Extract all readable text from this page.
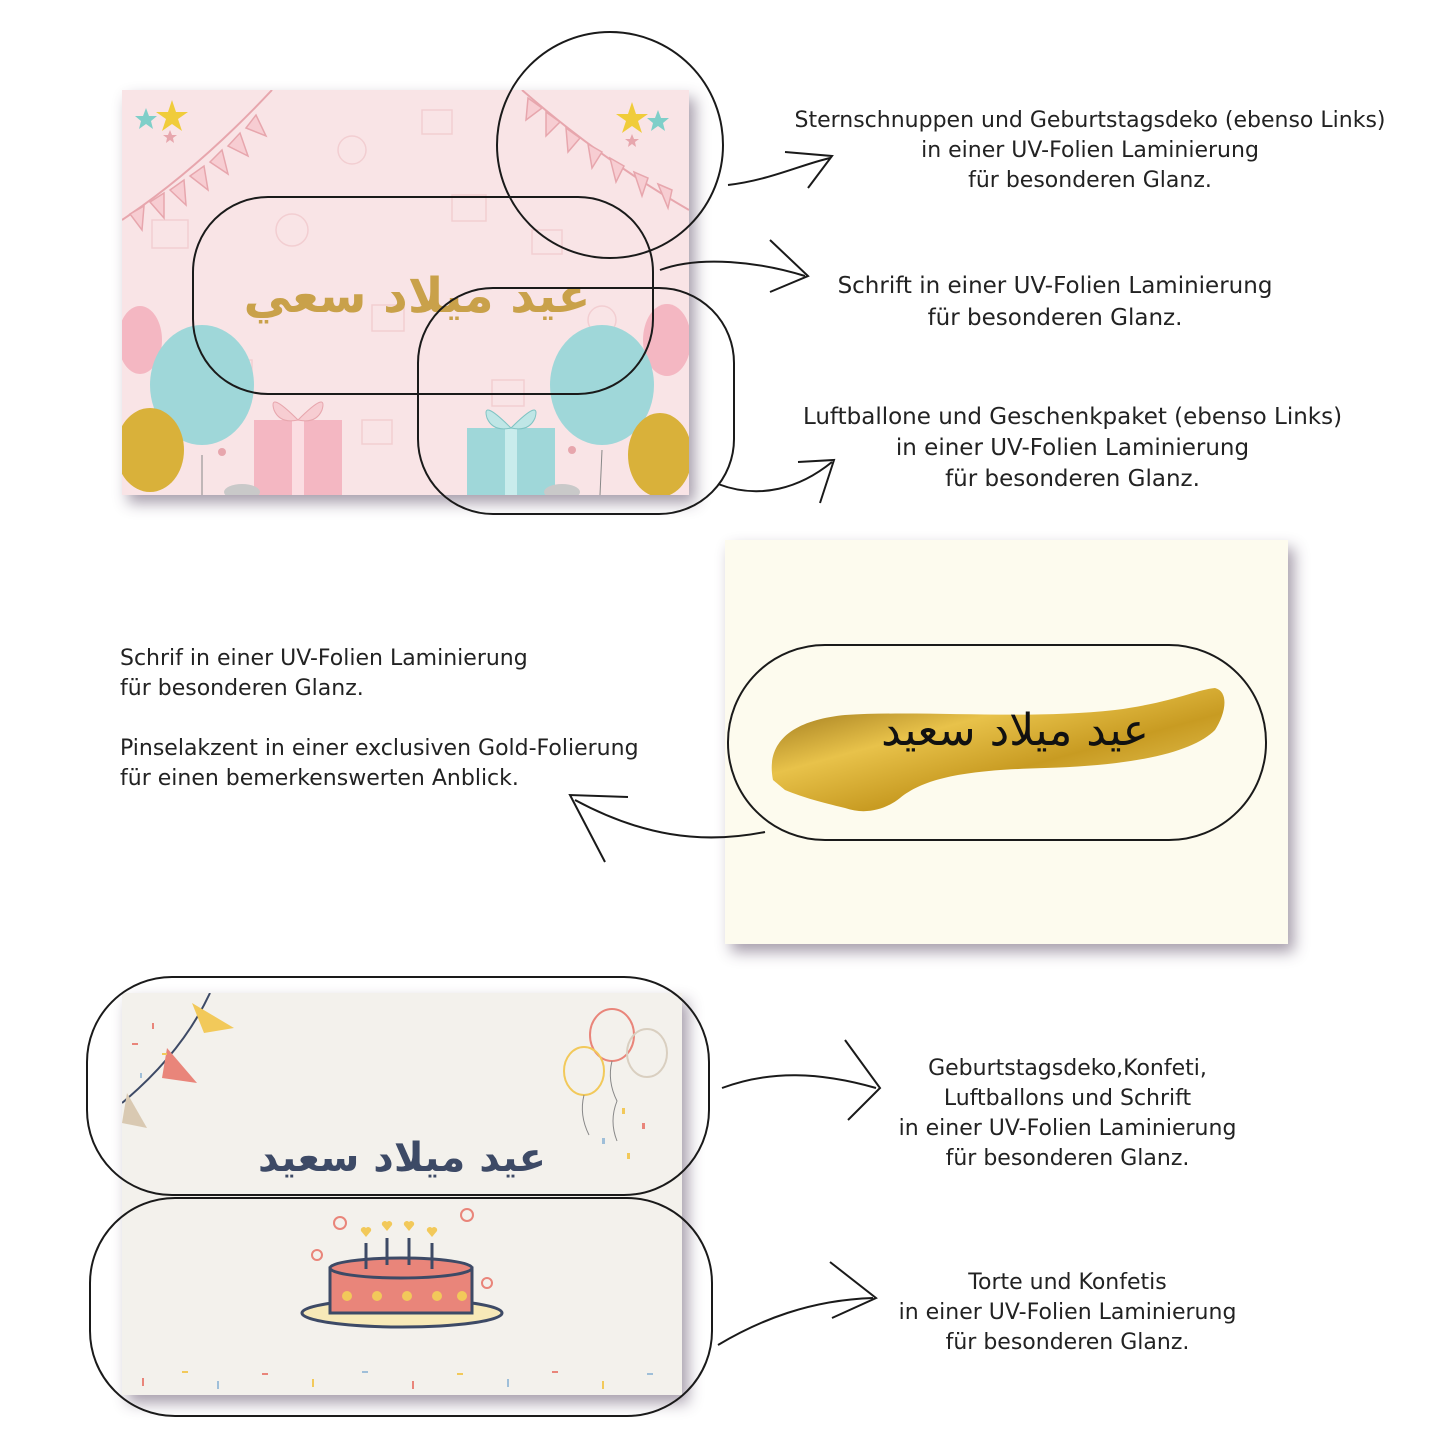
عيد ميلاد سعي
عيد ميلاد سعيد
عيد ميلاد سعيد

Sternschnuppen und Geburtstagsdeko (ebenso Links)

in einer UV-Folien Laminierung

für besonderen Glanz.

Schrift in einer UV-Folien Laminierung

für besonderen Glanz.

Luftballone und Geschenkpaket (ebenso Links)

in einer UV-Folien Laminierung

für besonderen Glanz.

Schrif in einer UV-Folien Laminierung

für besonderen Glanz.

Pinselakzent in einer exclusiven Gold-Folierung

für einen bemerkenswerten Anblick.

Geburtstagsdeko,Konfeti,

Luftballons und Schrift

in einer UV-Folien Laminierung

für besonderen Glanz.

Torte und Konfetis

in einer UV-Folien Laminierung

für besonderen Glanz.
